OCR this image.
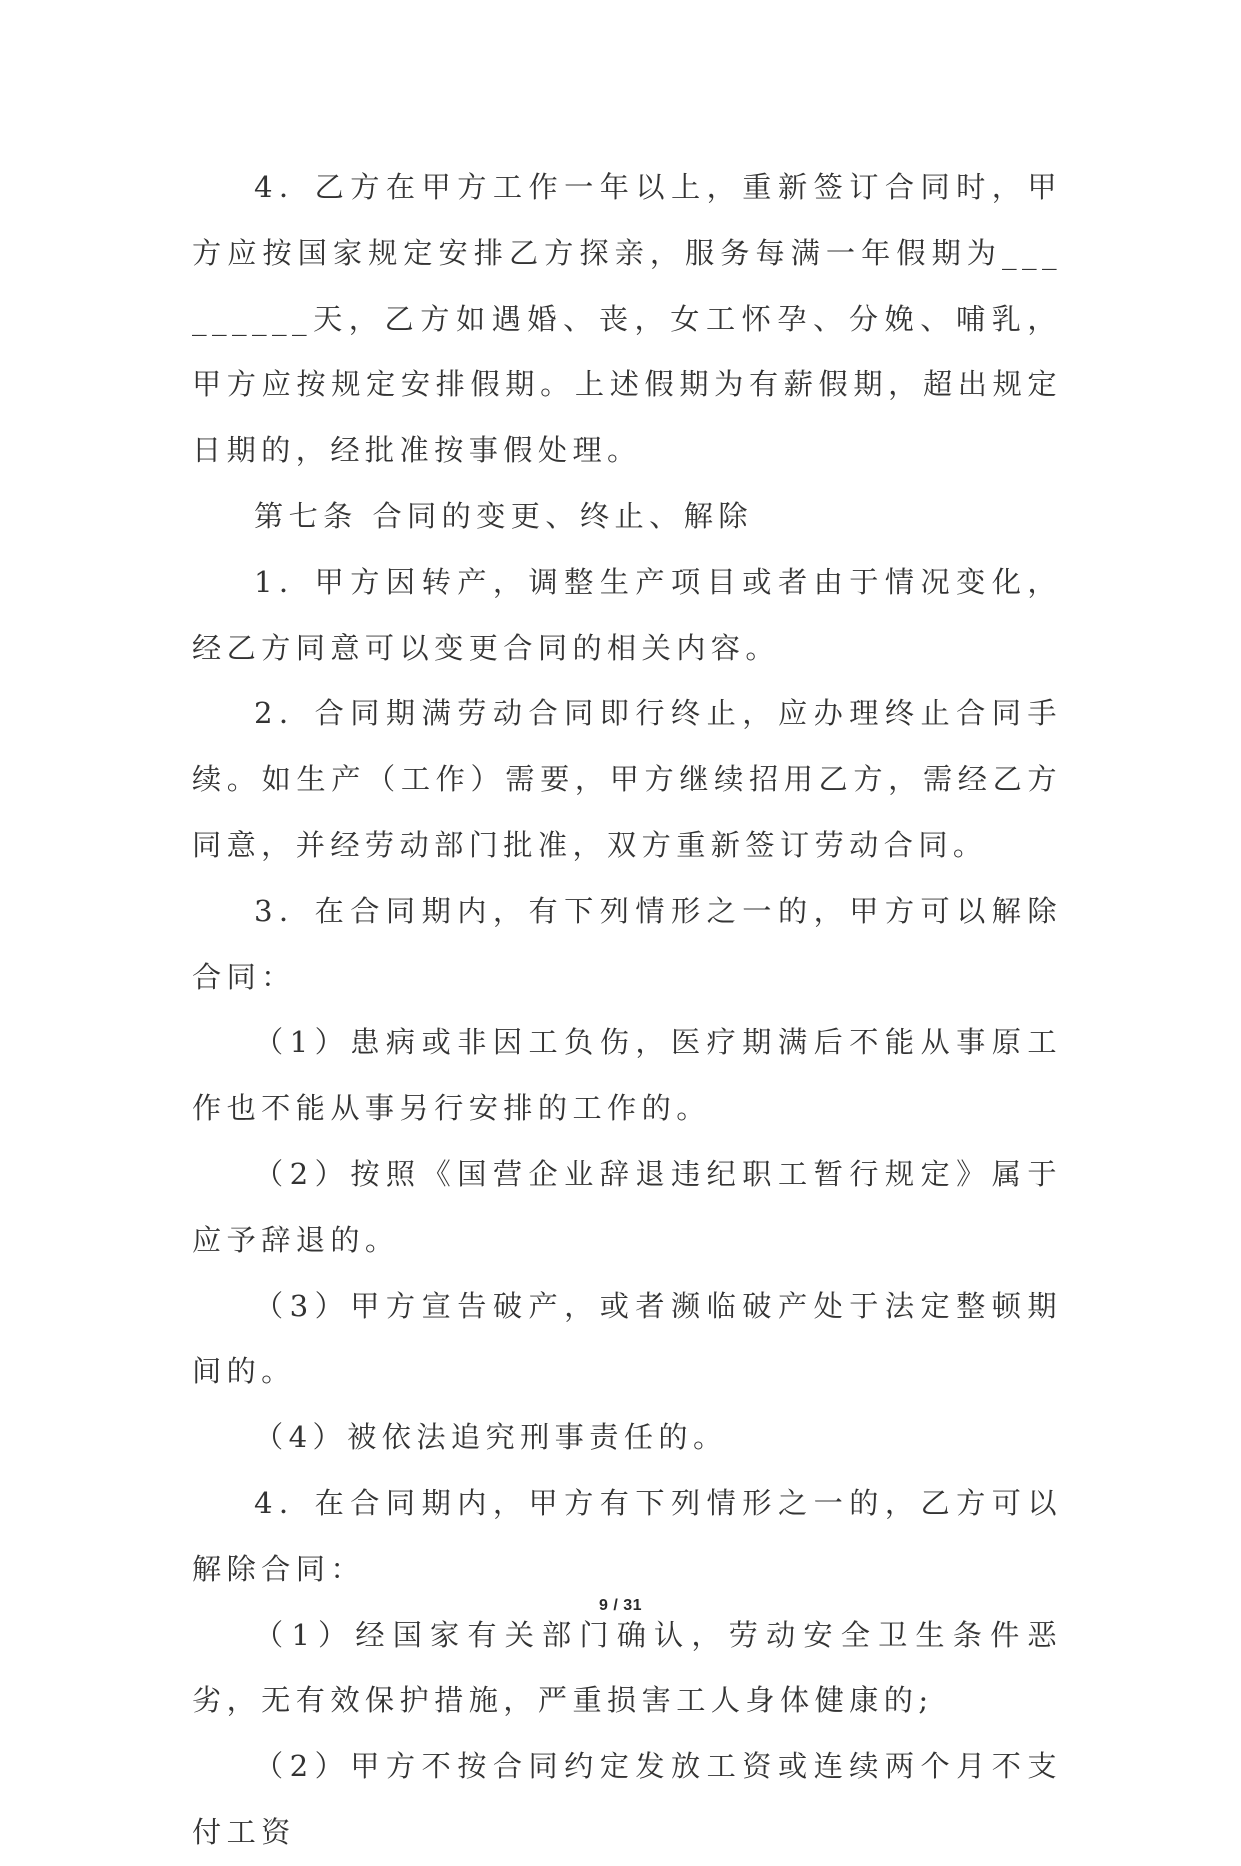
4．乙方在甲方工作一年以上，重新签订合同时，甲方应按国家规定安排乙方探亲，服务每满一年假期为_________天，乙方如遇婚、丧，女工怀孕、分娩、哺乳，甲方应按规定安排假期。上述假期为有薪假期，超出规定日期的，经批准按事假处理。

第七条 合同的变更、终止、解除

1．甲方因转产，调整生产项目或者由于情况变化，经乙方同意可以变更合同的相关内容。

2．合同期满劳动合同即行终止，应办理终止合同手续。如生产（工作）需要，甲方继续招用乙方，需经乙方同意，并经劳动部门批准，双方重新签订劳动合同。

3．在合同期内，有下列情形之一的，甲方可以解除合同：

（1）患病或非因工负伤，医疗期满后不能从事原工作也不能从事另行安排的工作的。

（2）按照《国营企业辞退违纪职工暂行规定》属于应予辞退的。

（3）甲方宣告破产，或者濒临破产处于法定整顿期间的。

（4）被依法追究刑事责任的。

4．在合同期内，甲方有下列情形之一的，乙方可以解除合同：

（1）经国家有关部门确认，劳动安全卫生条件恶劣，无有效保护措施，严重损害工人身体健康的;

（2）甲方不按合同约定发放工资或连续两个月不支付工资

9 / 31
